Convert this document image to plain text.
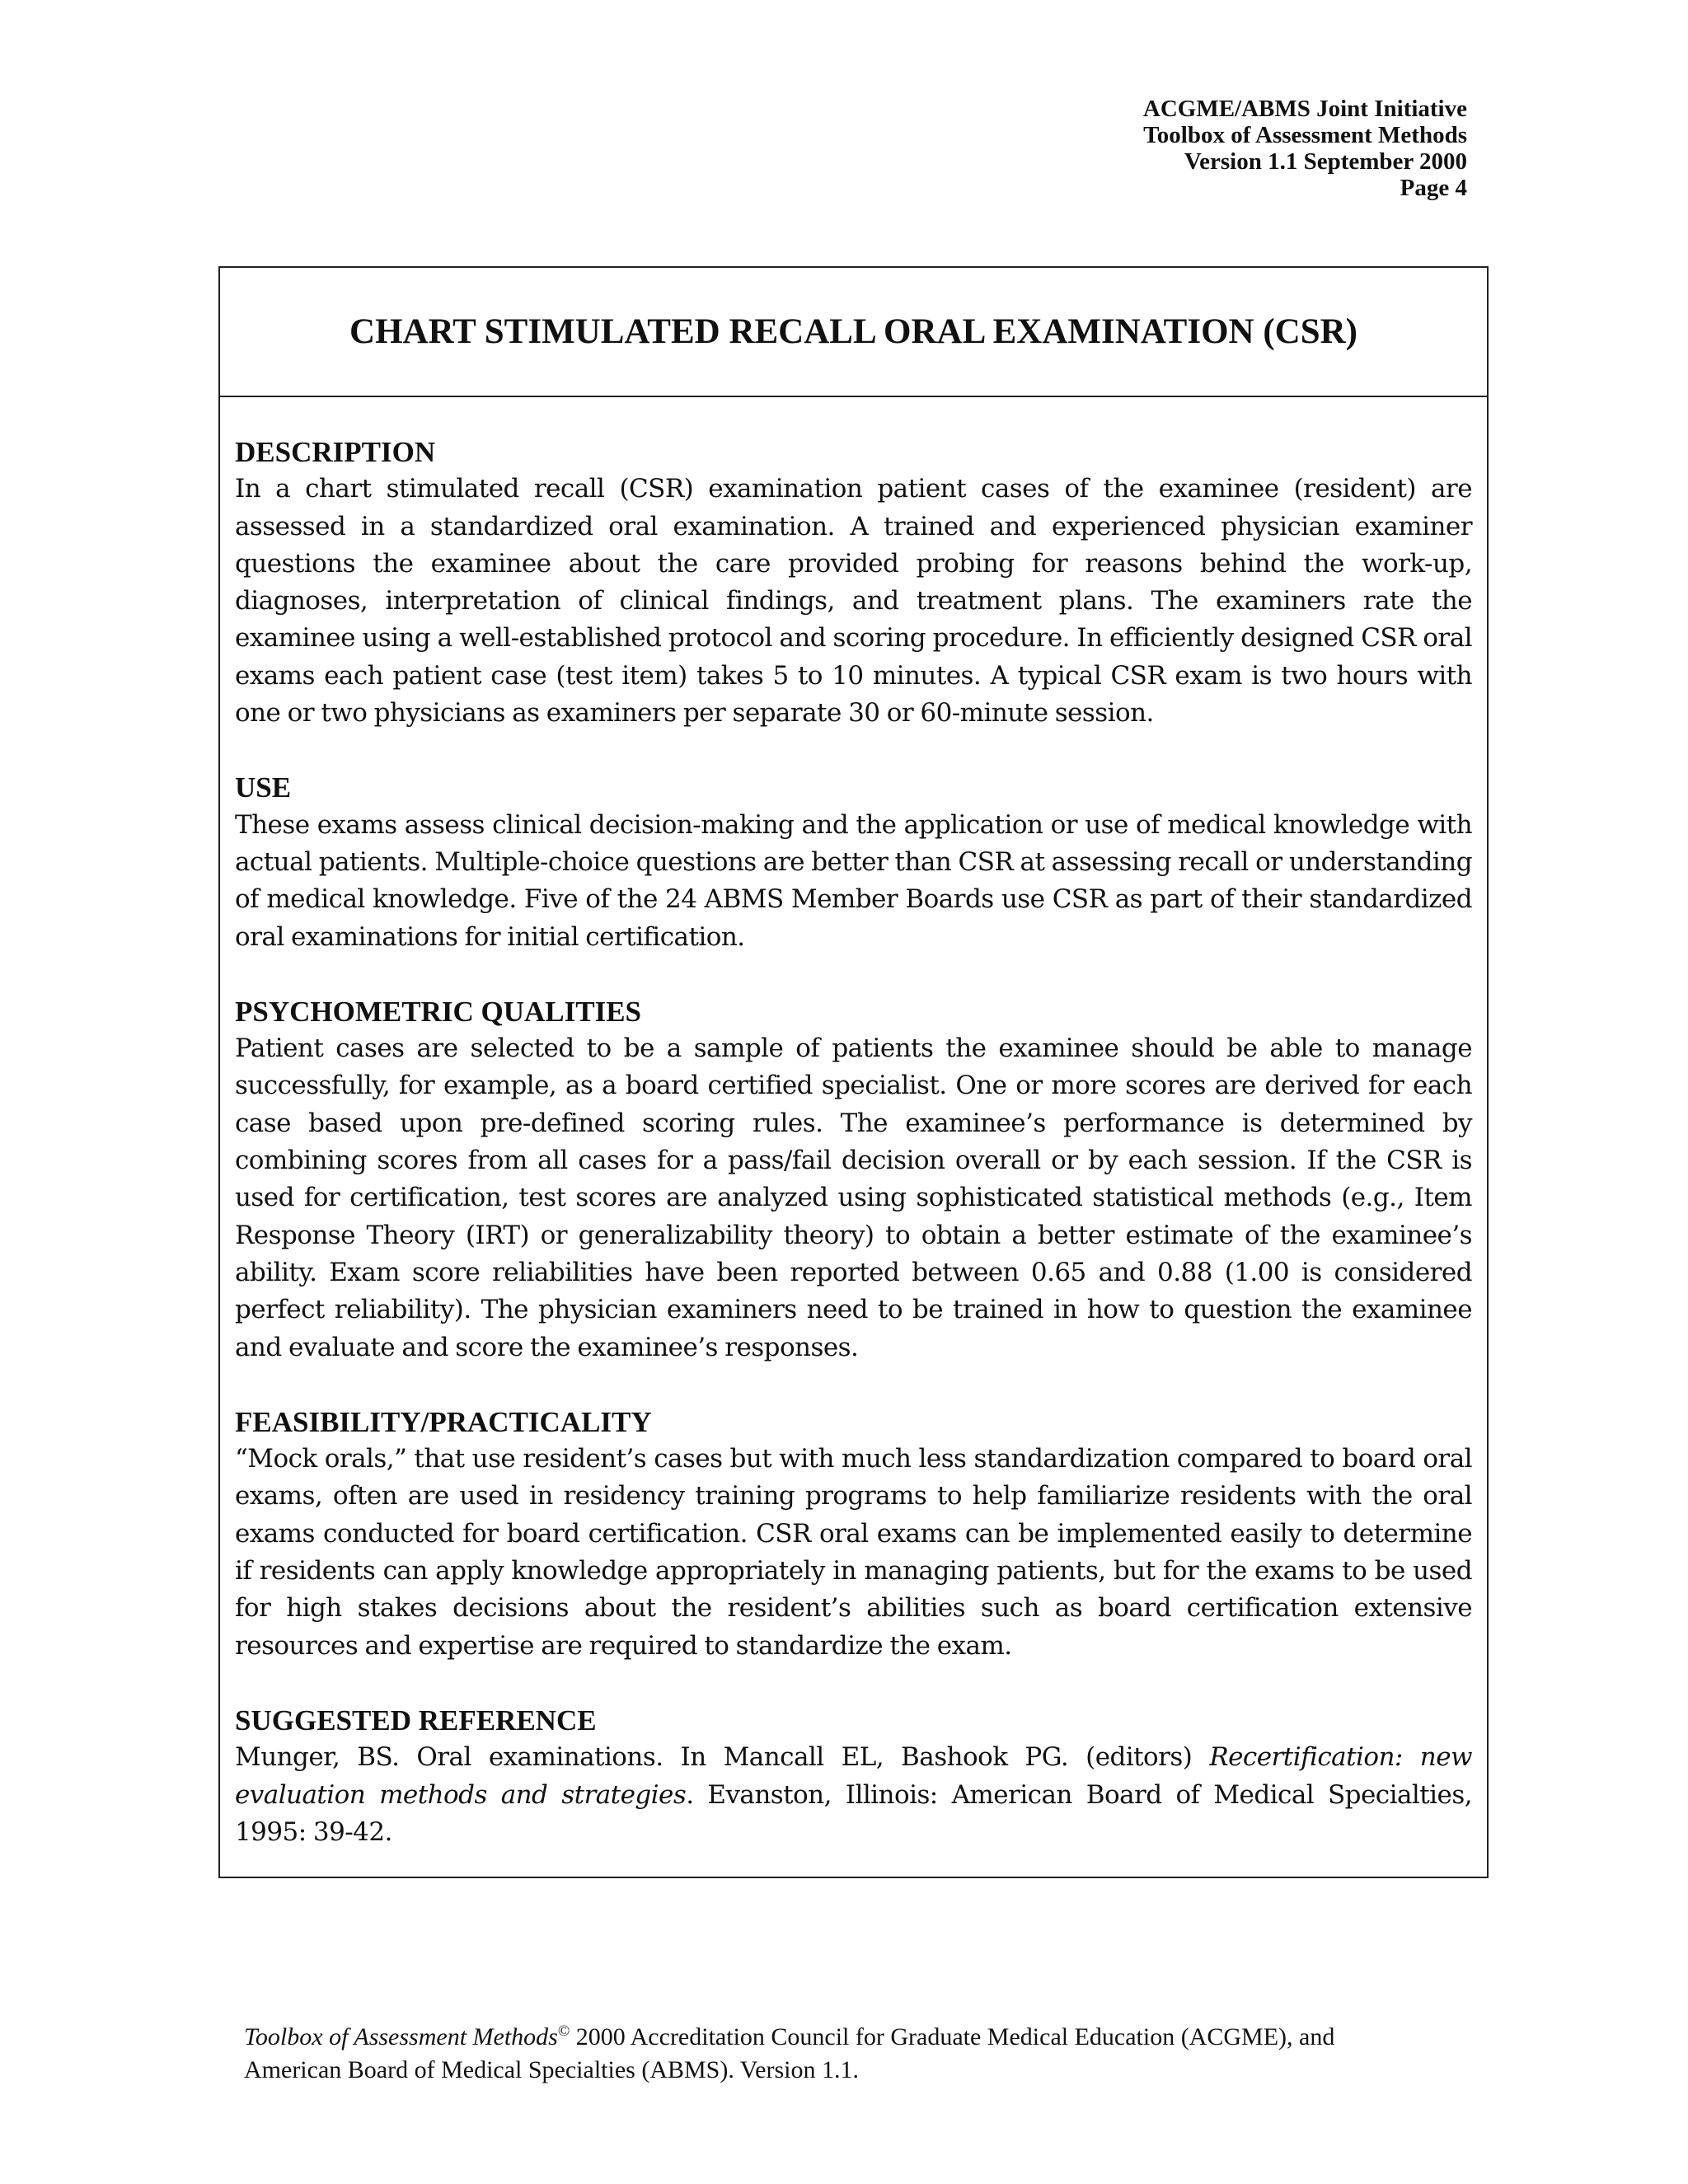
ACGME/ABMS Joint Initiative
Toolbox of Assessment Methods
Version 1.1 September 2000
Page 4
CHART STIMULATED RECALL ORAL EXAMINATION (CSR)
DESCRIPTION

In a chart stimulated recall (CSR) examination patient cases of the examinee (resident) are assessed in a standardized oral examination. A trained and experienced physician examiner questions the examinee about the care provided probing for reasons behind the work-up, diagnoses, interpretation of clinical findings, and treatment plans. The examiners rate the examinee using a well-established protocol and scoring procedure. In efficiently designed CSR oral exams each patient case (test item) takes 5 to 10 minutes. A typical CSR exam is two hours with one or two physicians as examiners per separate 30 or 60-minute session.

USE

These exams assess clinical decision-making and the application or use of medical knowledge with actual patients. Multiple-choice questions are better than CSR at assessing recall or understanding of medical knowledge. Five of the 24 ABMS Member Boards use CSR as part of their standardized oral examinations for initial certification.

PSYCHOMETRIC QUALITIES

Patient cases are selected to be a sample of patients the examinee should be able to manage successfully, for example, as a board certified specialist. One or more scores are derived for each case based upon pre-defined scoring rules. The examinee’s performance is determined by combining scores from all cases for a pass/fail decision overall or by each session. If the CSR is used for certification, test scores are analyzed using sophisticated statistical methods (e.g., Item Response Theory (IRT) or generalizability theory) to obtain a better estimate of the examinee’s ability. Exam score reliabilities have been reported between 0.65 and 0.88 (1.00 is considered perfect reliability). The physician examiners need to be trained in how to question the examinee and evaluate and score the examinee’s responses.

FEASIBILITY/PRACTICALITY

“Mock orals,” that use resident’s cases but with much less standardization compared to board oral exams, often are used in residency training programs to help familiarize residents with the oral exams conducted for board certification. CSR oral exams can be implemented easily to determine if residents can apply knowledge appropriately in managing patients, but for the exams to be used for high stakes decisions about the resident’s abilities such as board certification extensive resources and expertise are required to standardize the exam.

SUGGESTED REFERENCE

Munger, BS. Oral examinations. In Mancall EL, Bashook PG. (editors) Recertification: new evaluation methods and strategies. Evanston, Illinois: American Board of Medical Specialties, 1995: 39-42.

Toolbox of Assessment Methods© 2000 Accreditation Council for Graduate Medical Education (ACGME), and
American Board of Medical Specialties (ABMS). Version 1.1.
